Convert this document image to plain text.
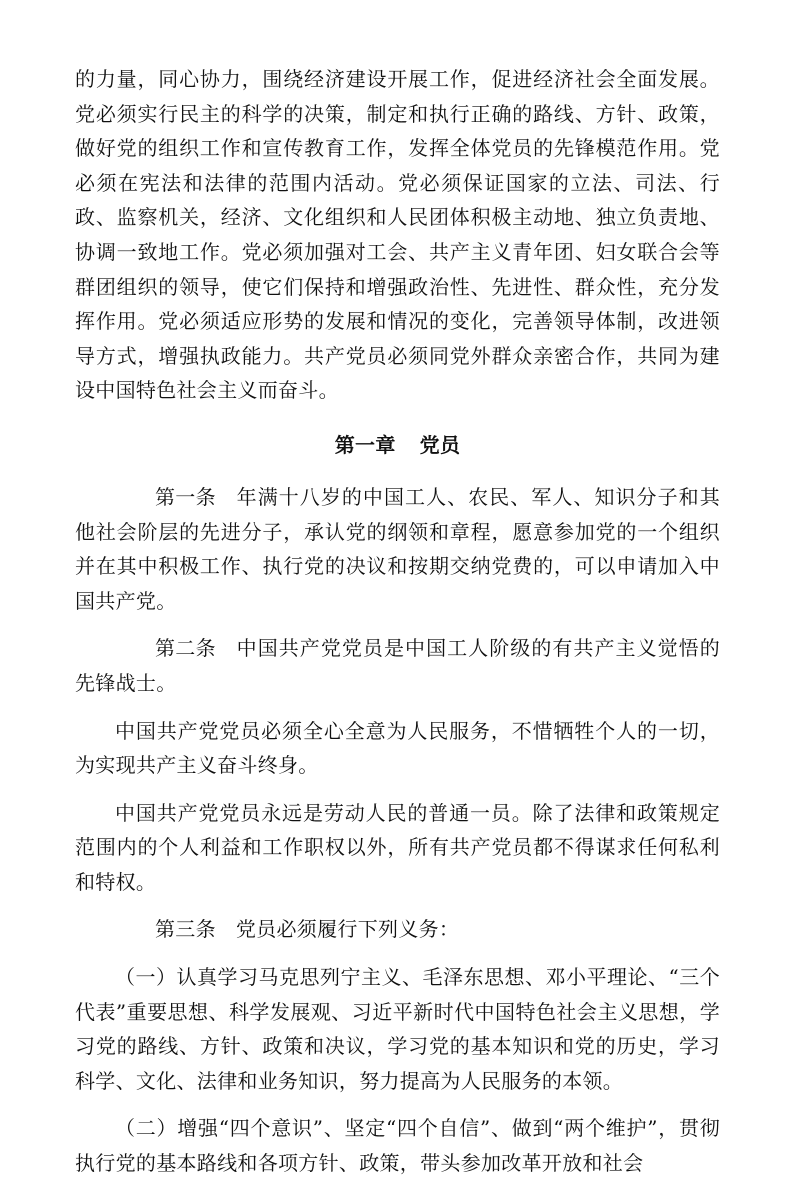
的力量，同心协力，围绕经济建设开展工作，促进经济社会全面发展。党必须实行民主的科学的决策，制定和执行正确的路线、方针、政策，做好党的组织工作和宣传教育工作，发挥全体党员的先锋模范作用。党必须在宪法和法律的范围内活动。党必须保证国家的立法、司法、行政、监察机关，经济、文化组织和人民团体积极主动地、独立负责地、协调一致地工作。党必须加强对工会、共产主义青年团、妇女联合会等群团组织的领导，使它们保持和增强政治性、先进性、群众性，充分发挥作用。党必须适应形势的发展和情况的变化，完善领导体制，改进领导方式，增强执政能力。共产党员必须同党外群众亲密合作，共同为建设中国特色社会主义而奋斗。

第一章 党员

第一条 年满十八岁的中国工人、农民、军人、知识分子和其他社会阶层的先进分子，承认党的纲领和章程，愿意参加党的一个组织并在其中积极工作、执行党的决议和按期交纳党费的，可以申请加入中国共产党。

第二条 中国共产党党员是中国工人阶级的有共产主义觉悟的先锋战士。

中国共产党党员必须全心全意为人民服务，不惜牺牲个人的一切，为实现共产主义奋斗终身。

中国共产党党员永远是劳动人民的普通一员。除了法律和政策规定范围内的个人利益和工作职权以外，所有共产党员都不得谋求任何私利和特权。

第三条 党员必须履行下列义务：

（一）认真学习马克思列宁主义、毛泽东思想、邓小平理论、“三个代表”重要思想、科学发展观、习近平新时代中国特色社会主义思想，学习党的路线、方针、政策和决议，学习党的基本知识和党的历史，学习科学、文化、法律和业务知识，努力提高为人民服务的本领。

（二）增强“四个意识”、坚定“四个自信”、做到“两个维护”，贯彻执行党的基本路线和各项方针、政策，带头参加改革开放和社会
